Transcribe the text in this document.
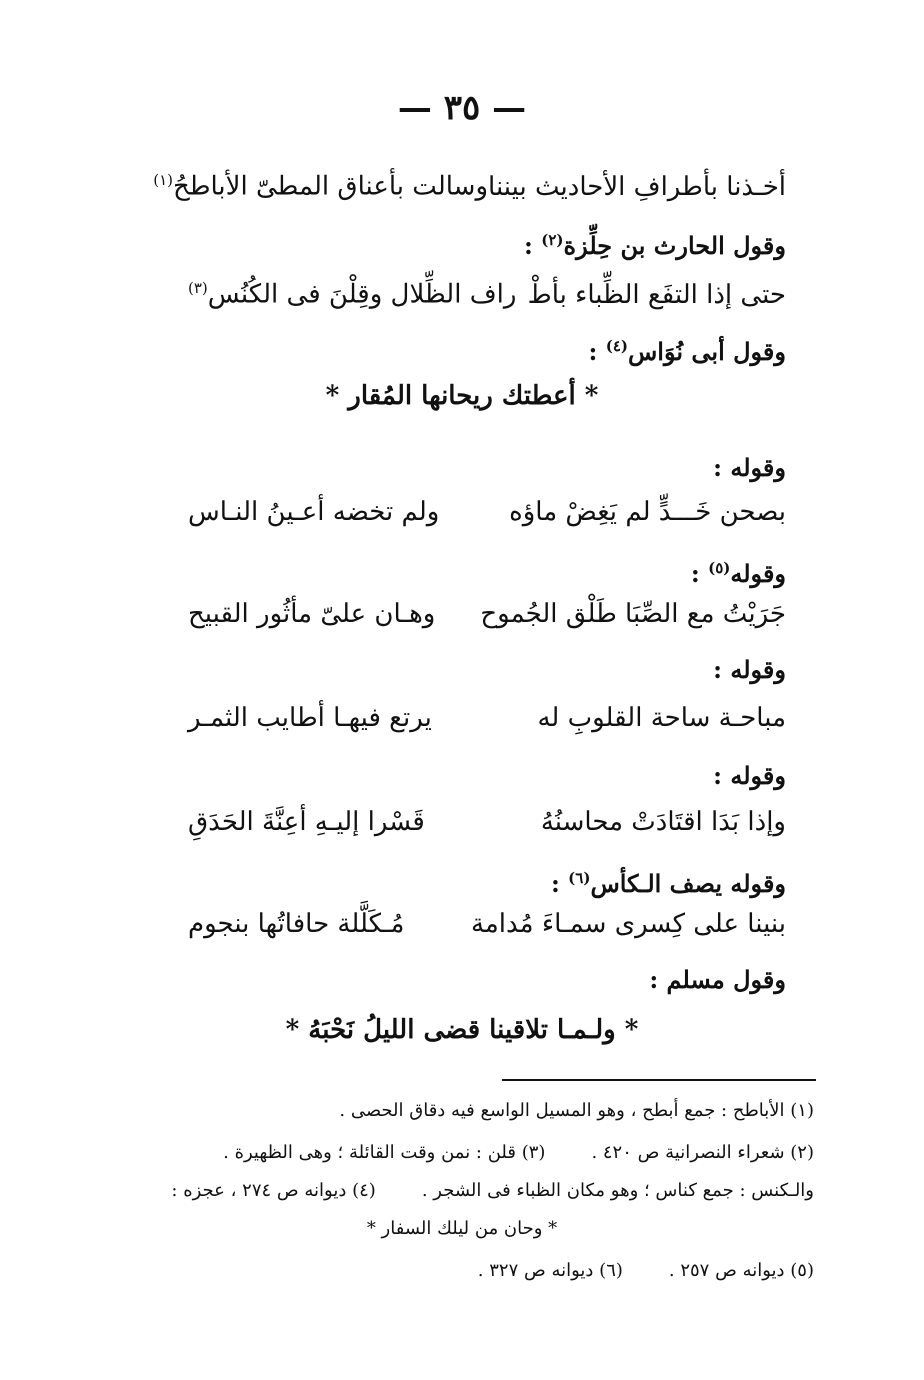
— ٣٥ —
أخـذنا بأطرافِ الأحاديث بيننا
وسالت بأعناق المطىّ الأباطحُ$^{(١)}$
وقول الحارث بن حِلِّزة$^{(٢)}$ :
حتى إذا التفَع الظِّباء بأطْ
راف الظِّلال وقِلْنَ فى الكُنُس$^{(٣)}$
وقول أبى نُوَاس$^{(٤)}$ :
* أعطتك ريحانها المُقار *
وقوله :
بصحن خَـــدٍّ لم يَغِضْ ماؤه
ولم تخضه أعـينُ النـاس
وقوله$^{(٥)}$ :
جَرَيْتُ مع الصِّبَا طَلْق الجُموح
وهـان علىّ مأثُور القبيح
وقوله :
مباحـة ساحة القلوبِ له
يرتع فيهـا أطايب الثمـر
وقوله :
وإذا بَدَا اقتَادَتْ محاسنُهُ
قَسْرا إليـهِ أعِنَّةَ الحَدَقِ
وقوله يصف الـكأس$^{(٦)}$ :
بنينا على كِسرى سمـاءَ مُدامة
مُـكَلَّلة حافاتُها بنجوم
وقول مسلم :
* ولـمـا تلاقينا قضى الليلُ نَحْبَهُ *
(١) الأباطح : جمع أبطح ، وهو المسيل الواسع فيه دقاق الحصى .
(٢) شعراء النصرانية ص ٤٢٠ .
(٣) قلن : نمن وقت القائلة ؛ وهى الظهيرة .
والـكنس : جمع كناس ؛ وهو مكان الظباء فى الشجر .
(٤) ديوانه ص ٢٧٤ ، عجزه :
* وحان من ليلك السفار *
(٥) ديوانه ص ٢٥٧ .
(٦) ديوانه ص ٣٢٧ .
